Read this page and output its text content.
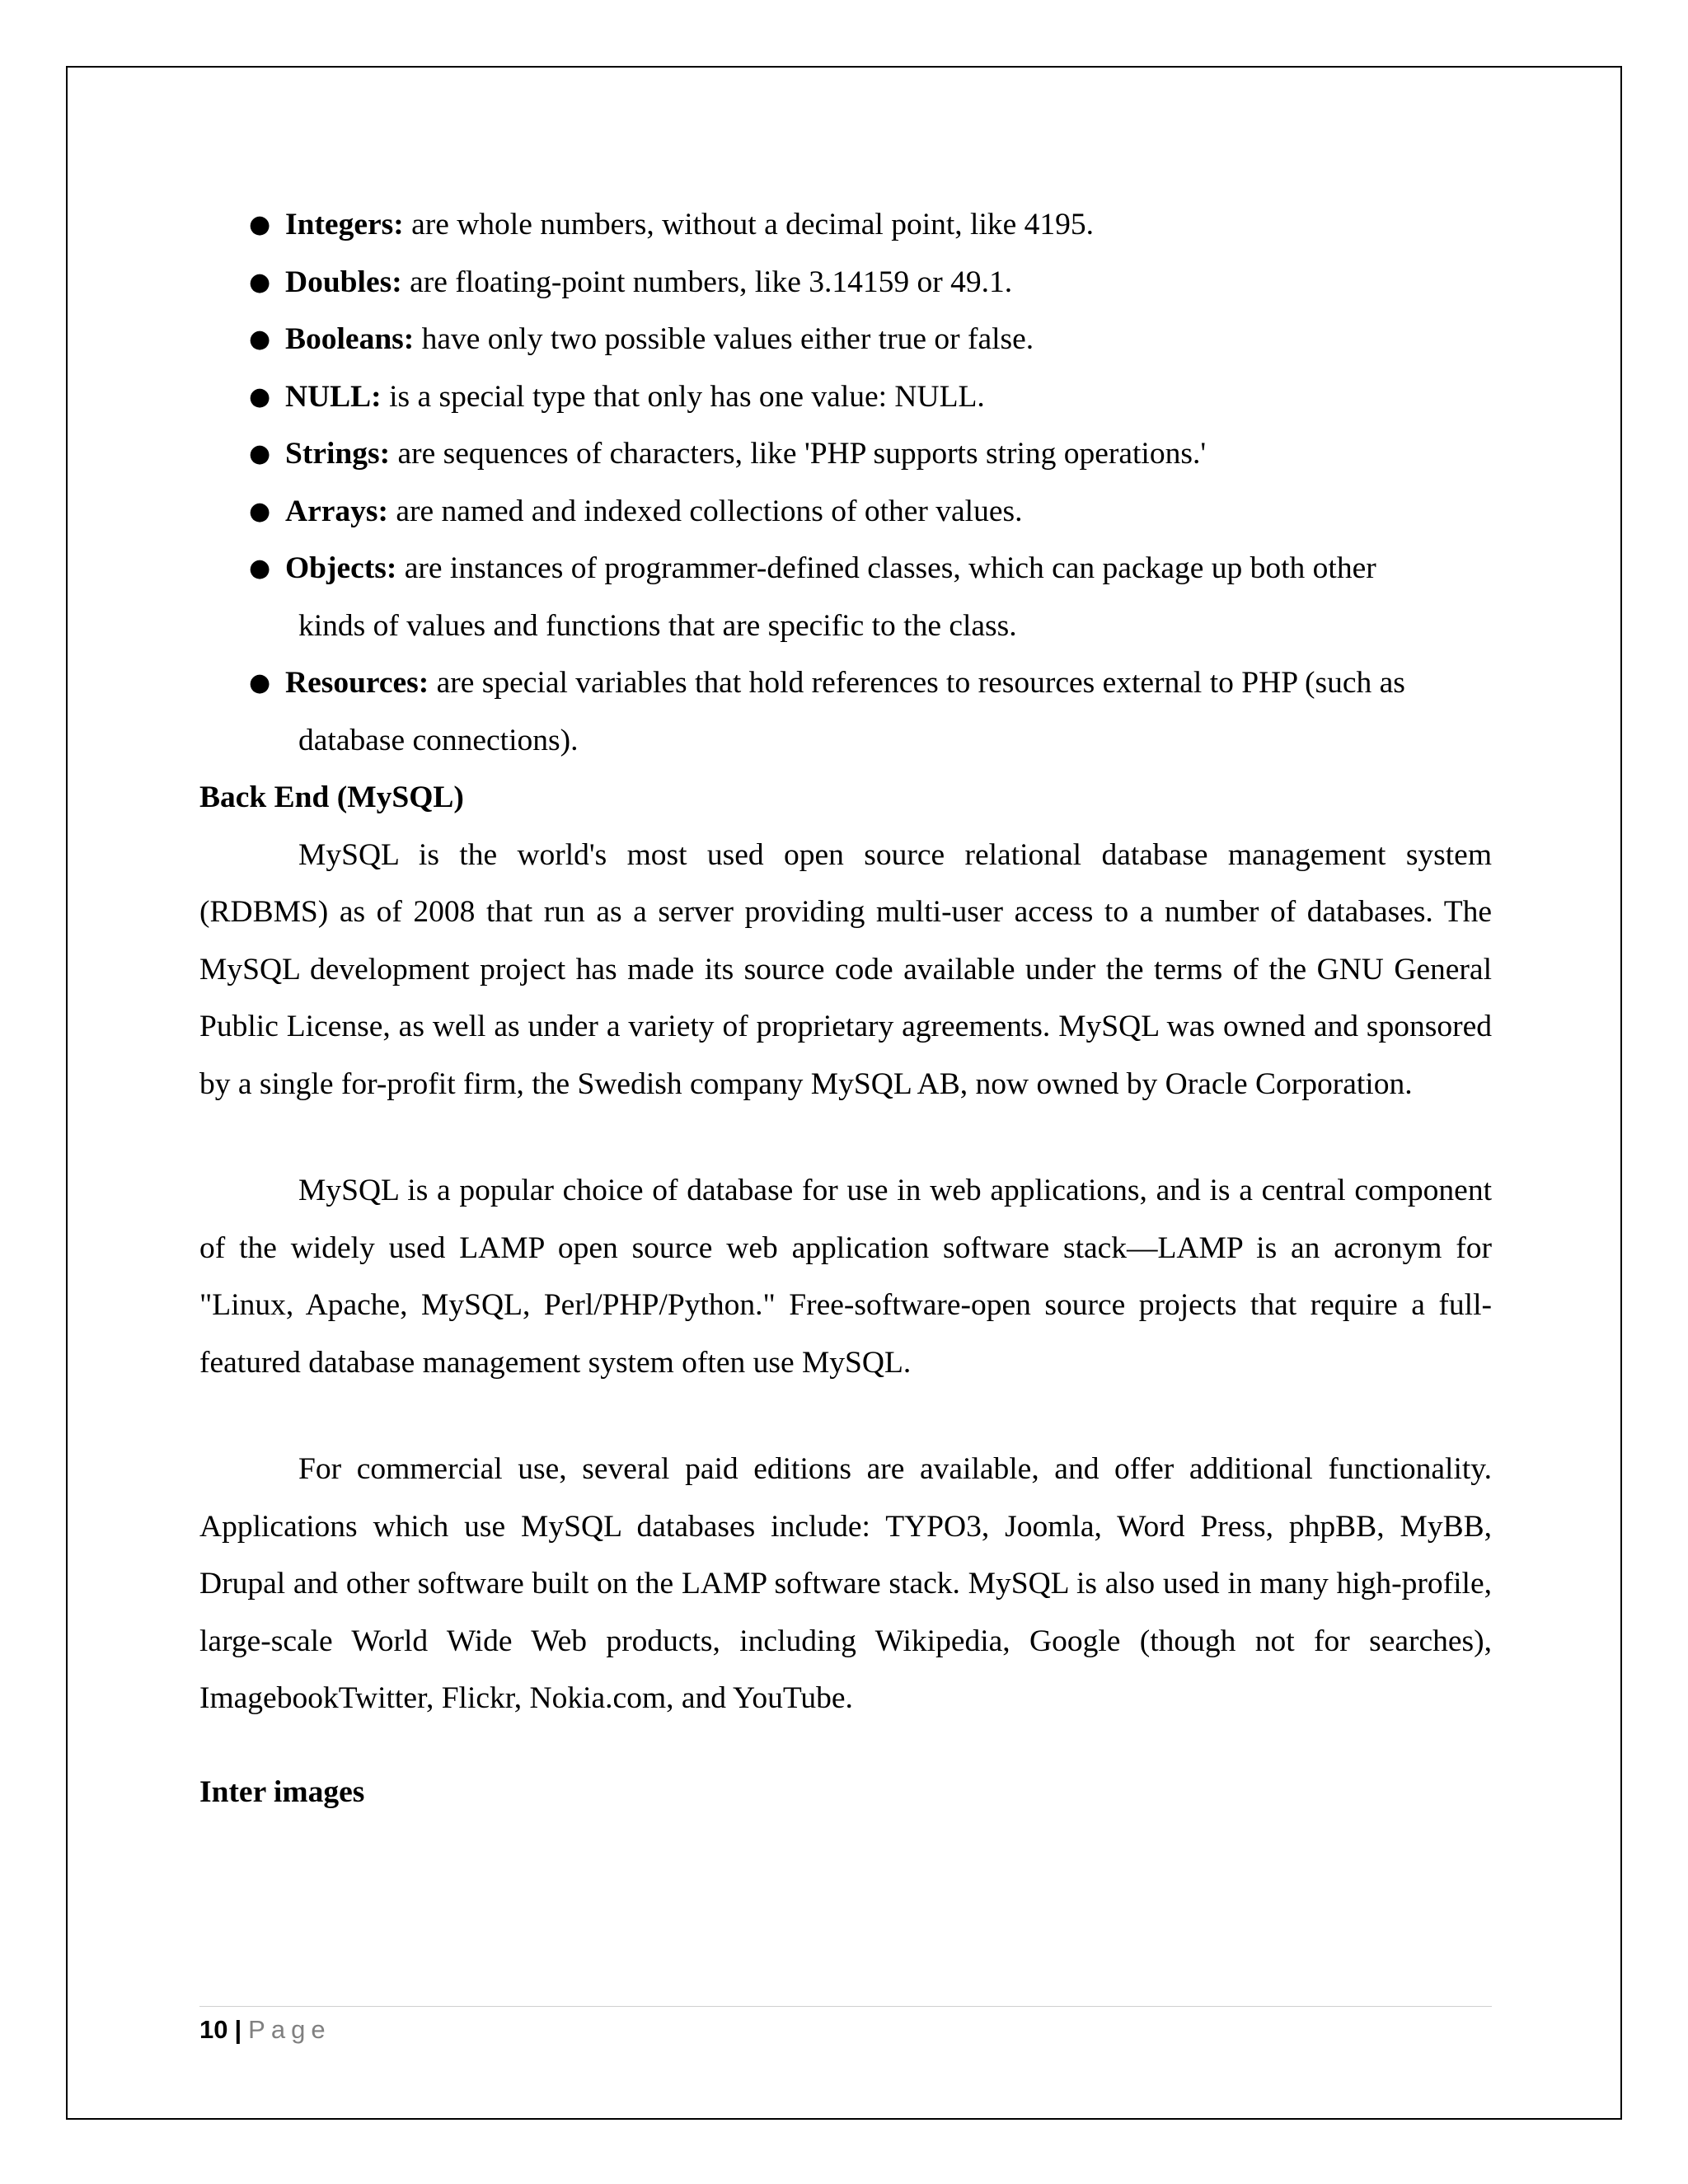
● Integers: are whole numbers, without a decimal point, like 4195.
● Doubles: are floating-point numbers, like 3.14159 or 49.1.
● Booleans: have only two possible values either true or false.
● NULL: is a special type that only has one value: NULL.
● Strings: are sequences of characters, like 'PHP supports string operations.'
● Arrays: are named and indexed collections of other values.
● Objects: are instances of programmer-defined classes, which can package up both other
kinds of values and functions that are specific to the class.
● Resources: are special variables that hold references to resources external to PHP (such as
database connections).
Back End (MySQL)

MySQL is the world's most used open source relational database management system (RDBMS) as of 2008 that run as a server providing multi-user access to a number of databases. The MySQL development project has made its source code available under the terms of the GNU General Public License, as well as under a variety of proprietary agreements. MySQL was owned and sponsored by a single for-profit firm, the Swedish company MySQL AB, now owned by Oracle Corporation.

MySQL is a popular choice of database for use in web applications, and is a central component of the widely used LAMP open source web application software stack—LAMP is an acronym for "Linux, Apache, MySQL, Perl/PHP/Python." Free-software-open source projects that require a full-featured database management system often use MySQL.

For commercial use, several paid editions are available, and offer additional functionality. Applications which use MySQL databases include: TYPO3, Joomla, Word Press, phpBB, MyBB, Drupal and other software built on the LAMP software stack. MySQL is also used in many high-profile, large-scale World Wide Web products, including Wikipedia, Google (though not for searches), ImagebookTwitter, Flickr, Nokia.com, and YouTube.

Inter images
10 | Page
